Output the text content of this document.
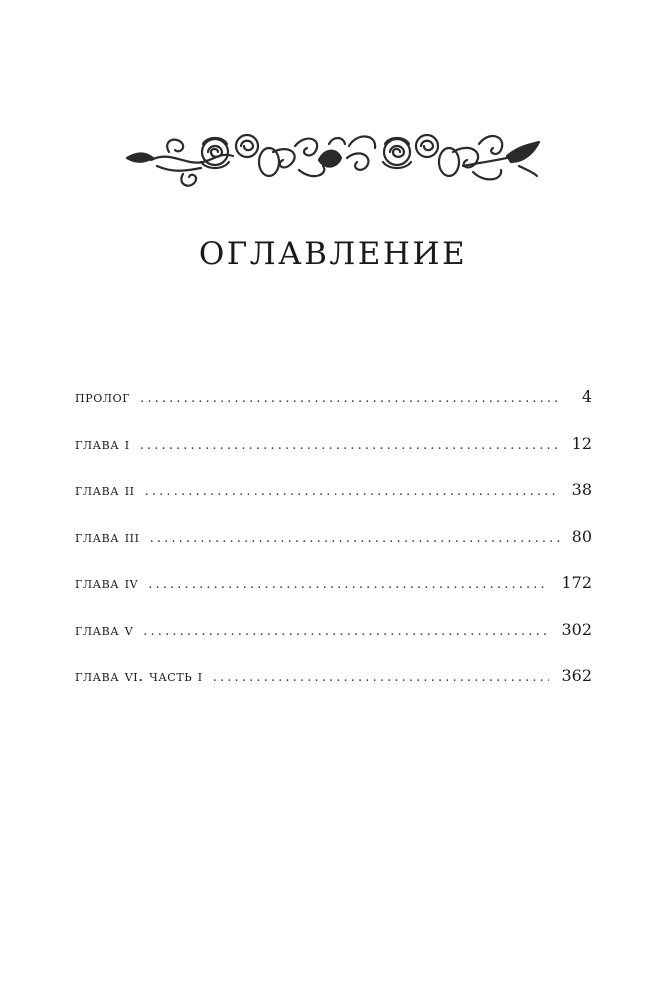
ОГЛАВЛЕНИЕ
пролог . . .	4
глава i . . .	12
глава ii . . .	38
глава iii . . .	80
глава iv . . .	172
глава v . . .	302
глава vi. часть i . . .	362
